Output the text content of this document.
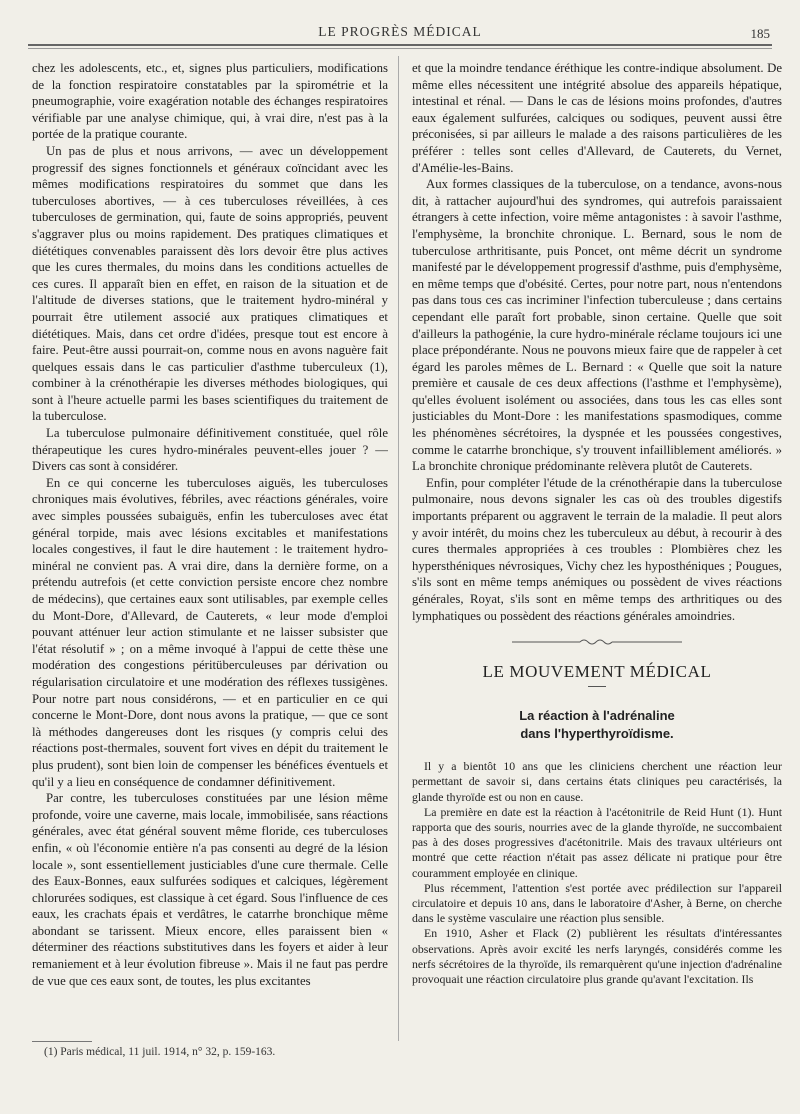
LE PROGRÈS MÉDICAL	185

chez les adolescents, etc., et, signes plus particuliers, modifications de la fonction respiratoire constatables par la spirométrie et la pneumographie, voire exagération notable des échanges respiratoires vérifiable par une analyse chimique, qui, à vrai dire, n'est pas à la portée de la pratique courante.

Un pas de plus et nous arrivons, — avec un développement progressif des signes fonctionnels et généraux coïncidant avec les mêmes modifications respiratoires du sommet que dans les tuberculoses abortives, — à ces tuberculoses réveillées, à ces tuberculoses de germination, qui, faute de soins appropriés, peuvent s'aggraver plus ou moins rapidement. Des pratiques climatiques et diététiques convenables paraissent dès lors devoir être plus actives que les cures thermales, du moins dans les conditions actuelles de ces cures. Il apparaît bien en effet, en raison de la situation et de l'altitude de diverses stations, que le traitement hydro-minéral y pourrait être utilement associé aux pratiques climatiques et diététiques. Mais, dans cet ordre d'idées, presque tout est encore à faire. Peut-être aussi pourrait-on, comme nous en avons naguère fait quelques essais dans le cas particulier d'asthme tuberculeux (1), combiner à la crénothérapie les diverses méthodes biologiques, qui sont à l'heure actuelle parmi les bases scientifiques du traitement de la tuberculose.

La tuberculose pulmonaire définitivement constituée, quel rôle thérapeutique les cures hydro-minérales peuvent-elles jouer ? — Divers cas sont à considérer.

En ce qui concerne les tuberculoses aiguës, les tuberculoses chroniques mais évolutives, fébriles, avec réactions générales, voire avec simples poussées subaiguës, enfin les tuberculoses avec état général torpide, mais avec lésions excitables et manifestations locales congestives, il faut le dire hautement : le traitement hydro-minéral ne convient pas. A vrai dire, dans la dernière forme, on a prétendu autrefois (et cette conviction persiste encore chez nombre de médecins), que certaines eaux sont utilisables, par exemple celles du Mont-Dore, d'Allevard, de Cauterets, « leur mode d'emploi pouvant atténuer leur action stimulante et ne laisser subsister que l'état résolutif » ; on a même invoqué à l'appui de cette thèse une modération des congestions péritüberculeuses par dérivation ou régularisation circulatoire et une modération des réflexes tussigènes. Pour notre part nous considérons, — et en particulier en ce qui concerne le Mont-Dore, dont nous avons la pratique, — que ce sont là méthodes dangereuses dont les risques (y compris celui des réactions post-thermales, souvent fort vives en dépit du traitement le plus prudent), sont bien loin de compenser les bénéfices éventuels et qu'il y a lieu en conséquence de condamner définitivement.

Par contre, les tuberculoses constituées par une lésion même profonde, voire une caverne, mais locale, immobilisée, sans réactions générales, avec état général souvent même floride, ces tuberculoses enfin, « où l'économie entière n'a pas consenti au degré de la lésion locale », sont essentiellement justiciables d'une cure thermale. Celle des Eaux-Bonnes, eaux sulfurées sodiques et calciques, légèrement chlorurées sodiques, est classique à cet égard. Sous l'influence de ces eaux, les crachats épais et verdâtres, le catarrhe bronchique même abondant se tarissent. Mieux encore, elles paraissent bien « déterminer des réactions substitutives dans les foyers et aider à leur remaniement et à leur évolution fibreuse ». Mais il ne faut pas perdre de vue que ces eaux sont, de toutes, les plus excitantes

et que la moindre tendance éréthique les contre-indique absolument. De même elles nécessitent une intégrité absolue des appareils hépatique, intestinal et rénal. — Dans le cas de lésions moins profondes, d'autres eaux également sulfurées, calciques ou sodiques, peuvent aussi être préconisées, si par ailleurs le malade a des raisons particulières de les préférer : telles sont celles d'Allevard, de Cauterets, du Vernet, d'Amélie-les-Bains.

Aux formes classiques de la tuberculose, on a tendance, avons-nous dit, à rattacher aujourd'hui des syndromes, qui autrefois paraissaient étrangers à cette infection, voire même antagonistes : à savoir l'asthme, l'emphysème, la bronchite chronique. L. Bernard, sous le nom de tuberculose arthritisante, puis Poncet, ont même décrit un syndrome manifesté par le développement progressif d'asthme, puis d'emphysème, en même temps que d'obésité. Certes, pour notre part, nous n'entendons pas dans tous ces cas incriminer l'infection tuberculeuse ; dans certains cependant elle paraît fort probable, sinon certaine. Quelle que soit d'ailleurs la pathogénie, la cure hydro-minérale réclame toujours ici une place prépondérante. Nous ne pouvons mieux faire que de rappeler à cet égard les paroles mêmes de L. Bernard : « Quelle que soit la nature première et causale de ces deux affections (l'asthme et l'emphysème), qu'elles évoluent isolément ou associées, dans tous les cas elles sont justiciables du Mont-Dore : les manifestations spasmodiques, comme les phénomènes sécrétoires, la dyspnée et les poussées congestives, comme le catarrhe bronchique, s'y trouvent infailliblement améliorés. » La bronchite chronique prédominante relèvera plutôt de Cauterets.

Enfin, pour compléter l'étude de la crénothérapie dans la tuberculose pulmonaire, nous devons signaler les cas où des troubles digestifs importants préparent ou aggravent le terrain de la maladie. Il peut alors y avoir intérêt, du moins chez les tuberculeux au début, à recourir à des cures thermales appropriées à ces troubles : Plombières chez les hypersthéniques névrosiques, Vichy chez les hyposthéniques ; Pougues, s'ils sont en même temps anémiques ou possèdent de vives réactions générales, Royat, s'ils sont en même temps des arthritiques ou des lymphatiques ou possèdent des réactions générales amoindries.

LE MOUVEMENT MÉDICAL
La réaction à l'adrénaline
dans l'hyperthyroïdisme.

Il y a bientôt 10 ans que les cliniciens cherchent une réaction leur permettant de savoir si, dans certains états cliniques peu caractérisés, la glande thyroïde est ou non en cause.

La première en date est la réaction à l'acétonitrile de Reid Hunt (1). Hunt rapporta que des souris, nourries avec de la glande thyroïde, ne succombaient pas à des doses progressives d'acétonitrile. Mais des travaux ultérieurs ont montré que cette réaction n'était pas assez délicate ni pratique pour être couramment employée en clinique.

Plus récemment, l'attention s'est portée avec prédilection sur l'appareil circulatoire et depuis 10 ans, dans le laboratoire d'Asher, à Berne, on cherche dans le système vasculaire une réaction plus sensible.

En 1910, Asher et Flack (2) publièrent les résultats d'intéressantes observations. Après avoir excité les nerfs laryngés, considérés comme les nerfs sécrétoires de la thyroïde, ils remarquèrent qu'une injection d'adrénaline provoquait une réaction circulatoire plus grande qu'avant l'excitation. Ils

(1) Paris médical, 11 juil. 1914, n° 32, p. 159-163.
